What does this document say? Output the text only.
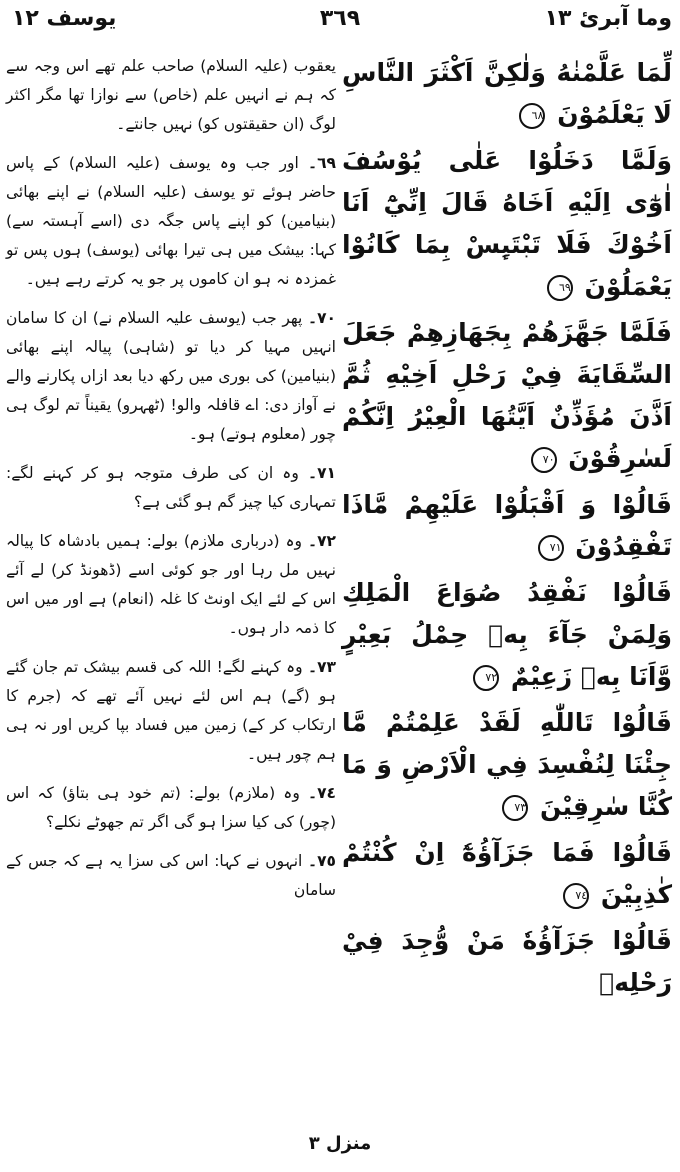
وما آبرئ ١٣
٣٦٩
یوسف ١٢
لِّمَا عَلَّمْنٰهُ وَلٰكِنَّ اَكْثَرَ النَّاسِ لَا يَعْلَمُوْنَ ٦٨
وَلَمَّا دَخَلُوْا عَلٰى يُوْسُفَ اٰوٰٓى اِلَيْهِ اَخَاهُ قَالَ اِنِّيْٓ اَنَا اَخُوْكَ فَلَا تَبْتَىِٕسْ بِمَا كَانُوْا يَعْمَلُوْنَ ٦٩
فَلَمَّا جَهَّزَهُمْ بِجَهَازِهِمْ جَعَلَ السِّقَايَةَ فِيْ رَحْلِ اَخِيْهِ ثُمَّ اَذَّنَ مُؤَذِّنٌ اَيَّتُهَا الْعِيْرُ اِنَّكُمْ لَسٰرِقُوْنَ ٧٠
قَالُوْا وَ اَقْبَلُوْا عَلَيْهِمْ مَّاذَا تَفْقِدُوْنَ ٧١
قَالُوْا نَفْقِدُ صُوَاعَ الْمَلِكِ وَلِمَنْ جَآءَ بِهٖ حِمْلُ بَعِيْرٍ وَّاَنَا بِهٖ زَعِيْمٌ ٧٢
قَالُوْا تَاللّٰهِ لَقَدْ عَلِمْتُمْ مَّا جِئْنَا لِنُفْسِدَ فِي الْاَرْضِ وَ مَا كُنَّا سٰرِقِيْنَ ٧٣
قَالُوْا فَمَا جَزَآؤُهٗٓ اِنْ كُنْتُمْ كٰذِبِيْنَ ٧٤
قَالُوْا جَزَآؤُهٗ مَنْ وُّجِدَ فِيْ رَحْلِهٖ
یعقوب (علیہ السلام) صاحب علم تھے اس وجہ سے کہ ہم نے انہیں علم (خاص) سے نوازا تھا مگر اکثر لوگ (ان حقیقتوں کو) نہیں جانتے۔
٦٩۔ اور جب وہ یوسف (علیہ السلام) کے پاس حاضر ہوئے تو یوسف (علیہ السلام) نے اپنے بھائی (بنیامین) کو اپنے پاس جگہ دی (اسے آہستہ سے) کہا: بیشک میں ہی تیرا بھائی (یوسف) ہوں پس تو غمزدہ نہ ہو ان کاموں پر جو یہ کرتے رہے ہیں۔
٧٠۔ پھر جب (یوسف علیہ السلام نے) ان کا سامان انہیں مہیا کر دیا تو (شاہی) پیالہ اپنے بھائی (بنیامین) کی بوری میں رکھ دیا بعد ازاں پکارنے والے نے آواز دی: اے قافلہ والو! (ٹھہرو) یقیناً تم لوگ ہی چور (معلوم ہوتے) ہو۔
٧١۔ وہ ان کی طرف متوجہ ہو کر کہنے لگے: تمہاری کیا چیز گم ہو گئی ہے؟
٧٢۔ وہ (درباری ملازم) بولے: ہمیں بادشاہ کا پیالہ نہیں مل رہا اور جو کوئی اسے (ڈھونڈ کر) لے آئے اس کے لئے ایک اونٹ کا غلہ (انعام) ہے اور میں اس کا ذمہ دار ہوں۔
٧٣۔ وہ کہنے لگے! اللہ کی قسم بیشک تم جان گئے ہو (گے) ہم اس لئے نہیں آئے تھے کہ (جرم کا ارتکاب کر کے) زمین میں فساد بپا کریں اور نہ ہی ہم چور ہیں۔
٧٤۔ وہ (ملازم) بولے: (تم خود ہی بتاؤ) کہ اس (چور) کی کیا سزا ہو گی اگر تم جھوٹے نکلے؟
٧٥۔ انہوں نے کہا: اس کی سزا یہ ہے کہ جس کے سامان
منزل ٣
